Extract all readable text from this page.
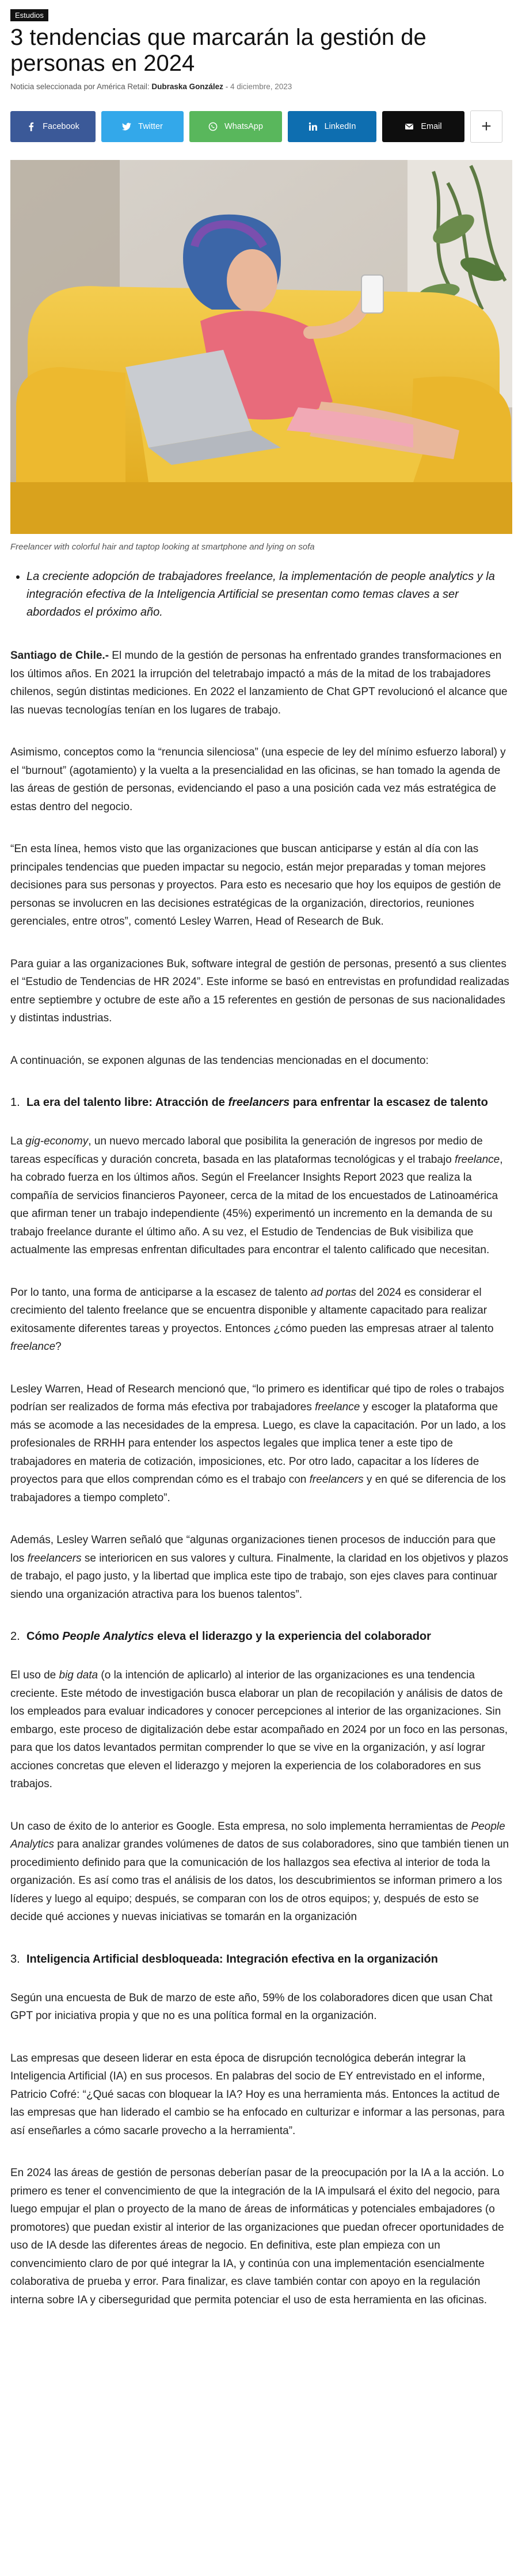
Estudios
3 tendencias que marcarán la gestión de personas en 2024
Noticia seleccionada por América Retail: Dubraska González - 4 diciembre, 2023
Facebook	Twitter	WhatsApp	LinkedIn	Email	+
Freelancer with colorful hair and taptop looking at smartphone and lying on sofa
• La creciente adopción de trabajadores freelance, la implementación de people analytics y la integración efectiva de la Inteligencia Artificial se presentan como temas claves a ser abordados el próximo año.

Santiago de Chile.- El mundo de la gestión de personas ha enfrentado grandes transformaciones en los últimos años. En 2021 la irrupción del teletrabajo impactó a más de la mitad de los trabajadores chilenos, según distintas mediciones. En 2022 el lanzamiento de Chat GPT revolucionó el alcance que las nuevas tecnologías tenían en los lugares de trabajo.

Asimismo, conceptos como la “renuncia silenciosa” (una especie de ley del mínimo esfuerzo laboral) y el “burnout” (agotamiento) y la vuelta a la presencialidad en las oficinas, se han tomado la agenda de las áreas de gestión de personas, evidenciando el paso a una posición cada vez más estratégica de estas dentro del negocio.

“En esta línea, hemos visto que las organizaciones que buscan anticiparse y están al día con las principales tendencias que pueden impactar su negocio, están mejor preparadas y toman mejores decisiones para sus personas y proyectos. Para esto es necesario que hoy los equipos de gestión de personas se involucren en las decisiones estratégicas de la organización, directorios, reuniones gerenciales, entre otros”, comentó Lesley Warren, Head of Research de Buk.

Para guiar a las organizaciones Buk, software integral de gestión de personas, presentó a sus clientes el “Estudio de Tendencias de HR 2024”. Este informe se basó en entrevistas en profundidad realizadas entre septiembre y octubre de este año a 15 referentes en gestión de personas de sus nacionalidades y distintas industrias.

A continuación, se exponen algunas de las tendencias mencionadas en el documento:

1. La era del talento libre: Atracción de freelancers para enfrentar la escasez de talento

La gig-economy, un nuevo mercado laboral que posibilita la generación de ingresos por medio de tareas específicas y duración concreta, basada en las plataformas tecnológicas y el trabajo freelance, ha cobrado fuerza en los últimos años. Según el Freelancer Insights Report 2023 que realiza la compañía de servicios financieros Payoneer, cerca de la mitad de los encuestados de Latinoamérica que afirman tener un trabajo independiente (45%) experimentó un incremento en la demanda de su trabajo freelance durante el último año. A su vez, el Estudio de Tendencias de Buk visibiliza que actualmente las empresas enfrentan dificultades para encontrar el talento calificado que necesitan.

Por lo tanto, una forma de anticiparse a la escasez de talento ad portas del 2024 es considerar el crecimiento del talento freelance que se encuentra disponible y altamente capacitado para realizar exitosamente diferentes tareas y proyectos. Entonces ¿cómo pueden las empresas atraer al talento freelance?

Lesley Warren, Head of Research mencionó que, “lo primero es identificar qué tipo de roles o trabajos podrían ser realizados de forma más efectiva por trabajadores freelance y escoger la plataforma que más se acomode a las necesidades de la empresa. Luego, es clave la capacitación. Por un lado, a los profesionales de RRHH para entender los aspectos legales que implica tener a este tipo de trabajadores en materia de cotización, imposiciones, etc. Por otro lado, capacitar a los líderes de proyectos para que ellos comprendan cómo es el trabajo con freelancers y en qué se diferencia de los trabajadores a tiempo completo”.

Además, Lesley Warren señaló que “algunas organizaciones tienen procesos de inducción para que los freelancers se interioricen en sus valores y cultura. Finalmente, la claridad en los objetivos y plazos de trabajo, el pago justo, y la libertad que implica este tipo de trabajo, son ejes claves para continuar siendo una organización atractiva para los buenos talentos”.

2. Cómo People Analytics eleva el liderazgo y la experiencia del colaborador

El uso de big data (o la intención de aplicarlo) al interior de las organizaciones es una tendencia creciente. Este método de investigación busca elaborar un plan de recopilación y análisis de datos de los empleados para evaluar indicadores y conocer percepciones al interior de las organizaciones. Sin embargo, este proceso de digitalización debe estar acompañado en 2024 por un foco en las personas, para que los datos levantados permitan comprender lo que se vive en la organización, y así lograr acciones concretas que eleven el liderazgo y mejoren la experiencia de los colaboradores en sus trabajos.

Un caso de éxito de lo anterior es Google. Esta empresa, no solo implementa herramientas de People Analytics para analizar grandes volúmenes de datos de sus colaboradores, sino que también tienen un procedimiento definido para que la comunicación de los hallazgos sea efectiva al interior de toda la organización. Es así como tras el análisis de los datos, los descubrimientos se informan primero a los líderes y luego al equipo; después, se comparan con los de otros equipos; y, después de esto se decide qué acciones y nuevas iniciativas se tomarán en la organización

3. Inteligencia Artificial desbloqueada: Integración efectiva en la organización

Según una encuesta de Buk de marzo de este año, 59% de los colaboradores dicen que usan Chat GPT por iniciativa propia y que no es una política formal en la organización.

Las empresas que deseen liderar en esta época de disrupción tecnológica deberán integrar la Inteligencia Artificial (IA) en sus procesos. En palabras del socio de EY entrevistado en el informe, Patricio Cofré: “¿Qué sacas con bloquear la IA? Hoy es una herramienta más. Entonces la actitud de las empresas que han liderado el cambio se ha enfocado en culturizar e informar a las personas, para así enseñarles a cómo sacarle provecho a la herramienta”.

En 2024 las áreas de gestión de personas deberían pasar de la preocupación por la IA a la acción. Lo primero es tener el convencimiento de que la integración de la IA impulsará el éxito del negocio, para luego empujar el plan o proyecto de la mano de áreas de informáticas y potenciales embajadores (o promotores) que puedan existir al interior de las organizaciones que puedan ofrecer oportunidades de uso de IA desde las diferentes áreas de negocio. En definitiva, este plan empieza con un convencimiento claro de por qué integrar la IA, y continúa con una implementación esencialmente colaborativa de prueba y error. Para finalizar, es clave también contar con apoyo en la regulación interna sobre IA y ciberseguridad que permita potenciar el uso de esta herramienta en las oficinas.
